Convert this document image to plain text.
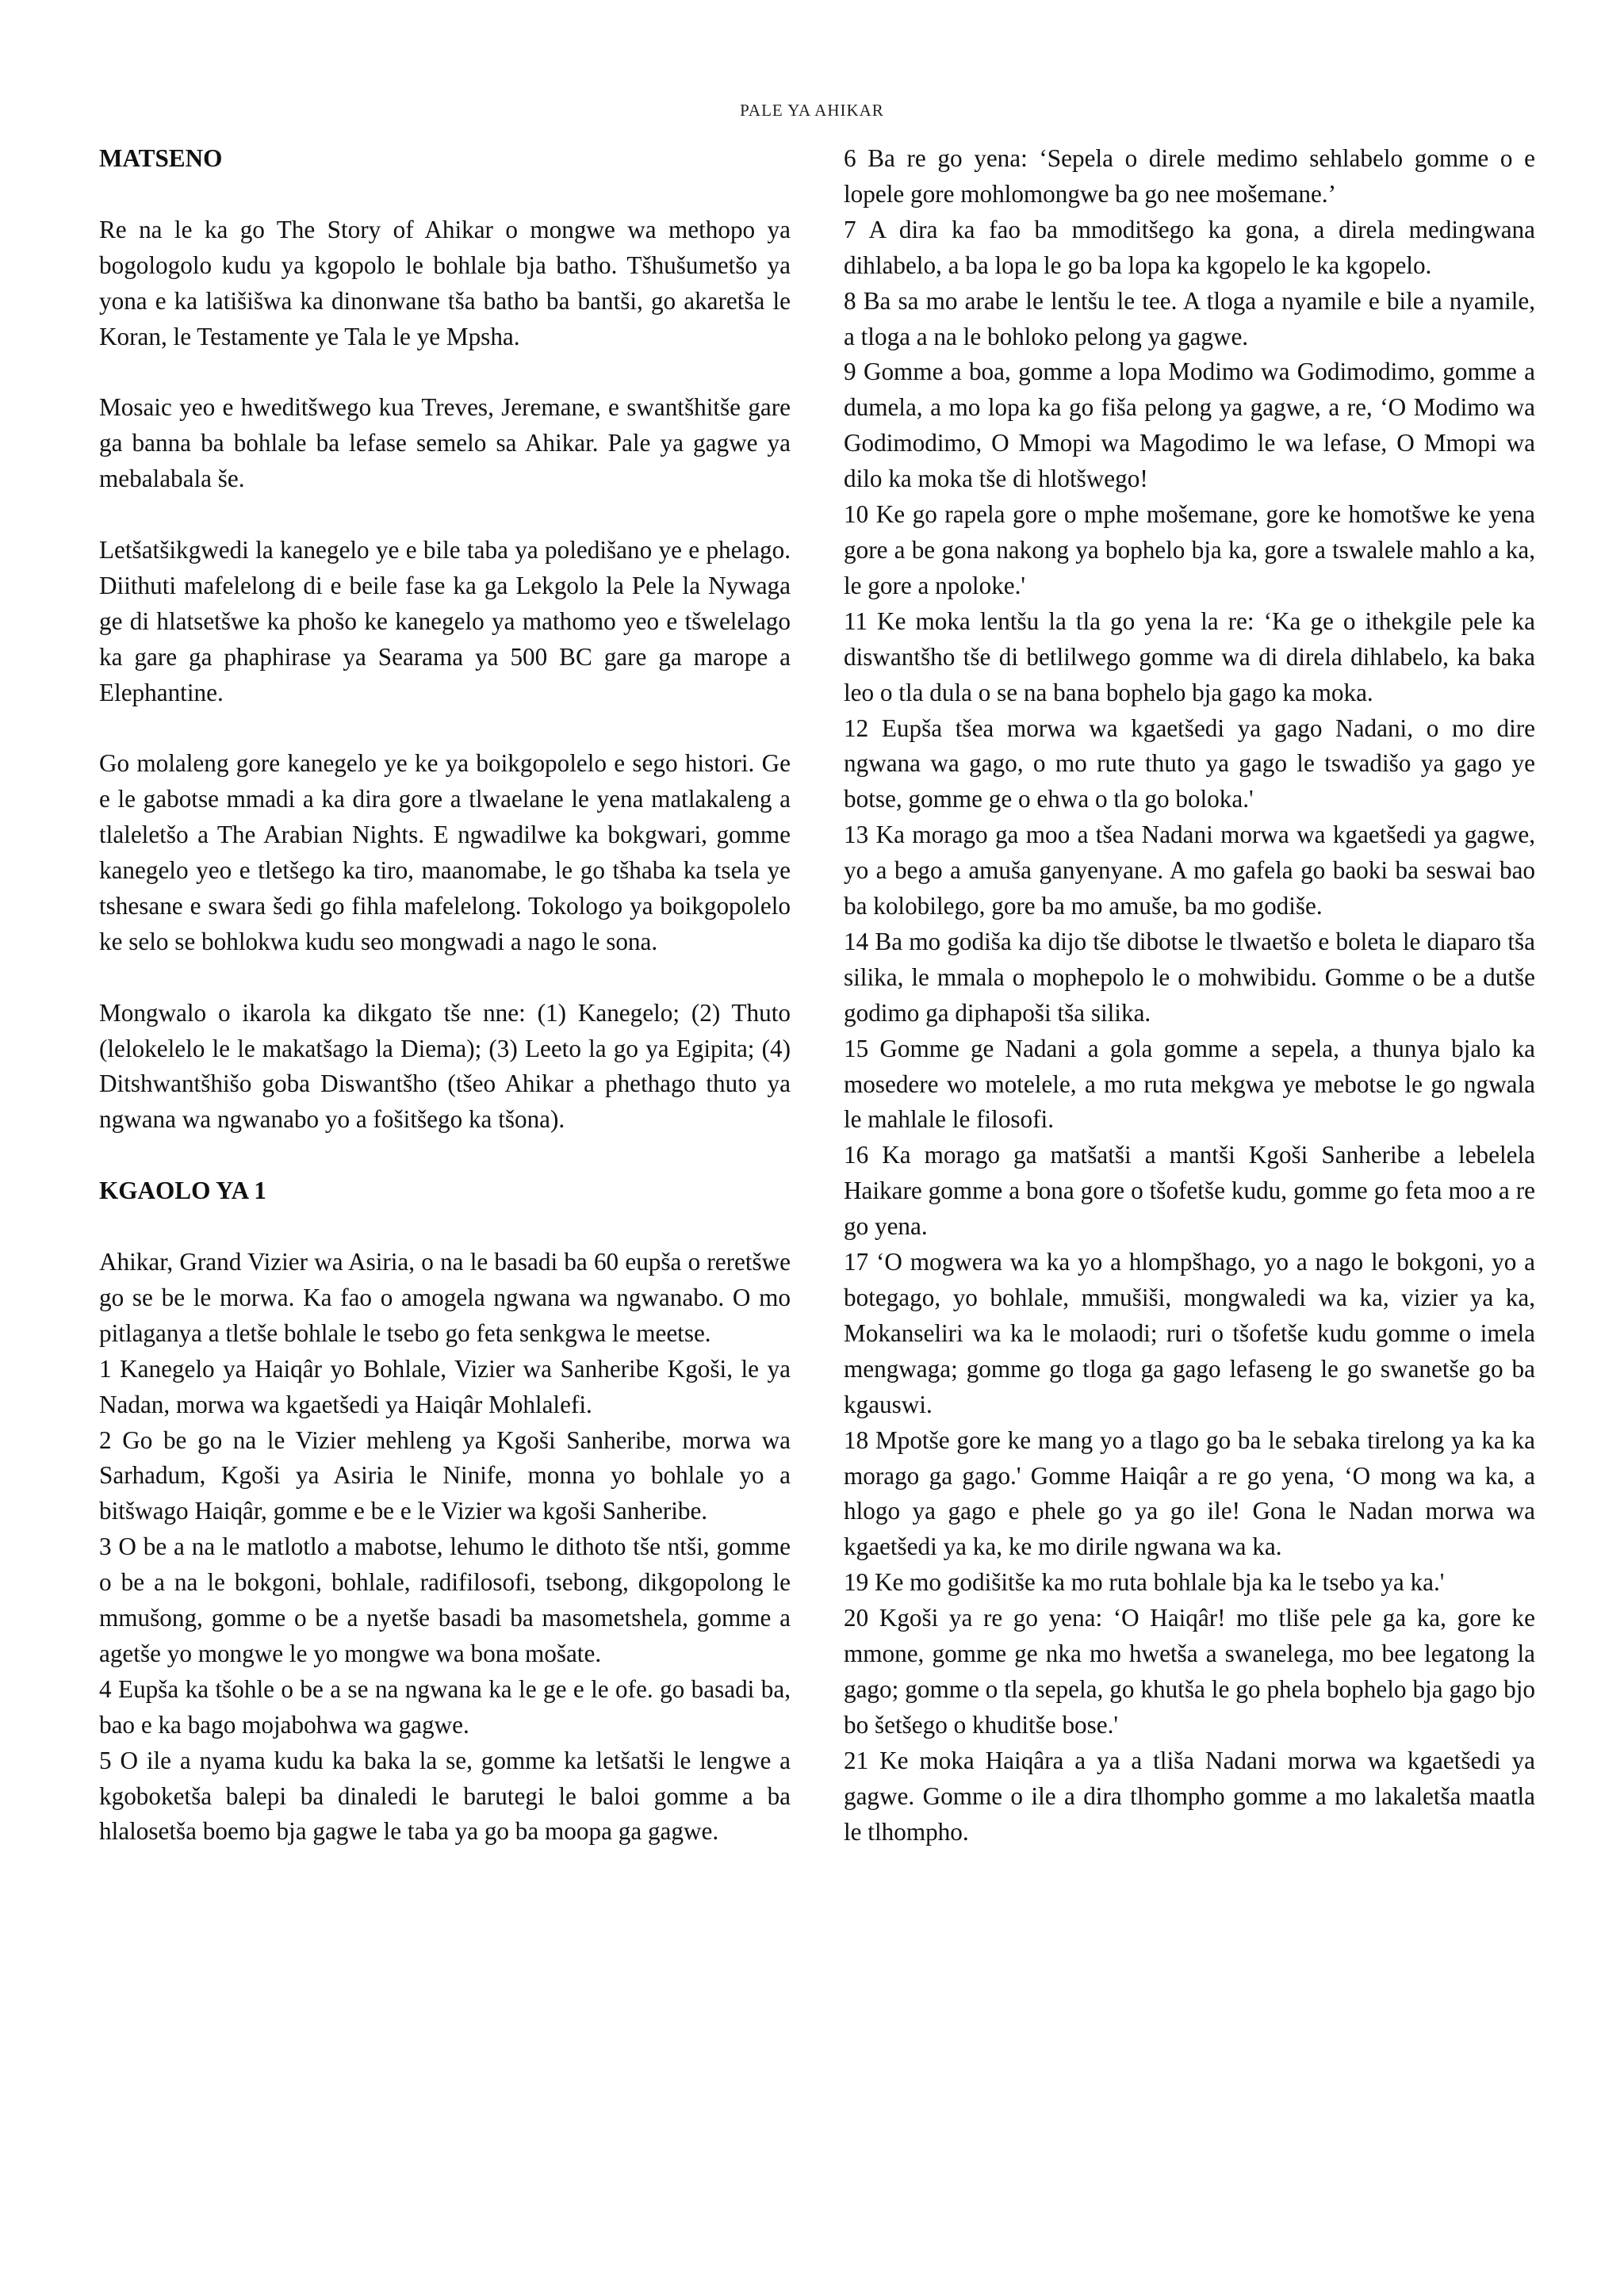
PALE YA AHIKAR
MATSENO

Re na le ka go The Story of Ahikar o mongwe wa methopo ya bogologolo kudu ya kgopolo le bohlale bja batho. Tšhušumetšo ya yona e ka latišišwa ka dinonwane tša batho ba bantši, go akaretša le Koran, le Testamente ye Tala le ye Mpsha.

Mosaic yeo e hweditšwego kua Treves, Jeremane, e swantšhitše gare ga banna ba bohlale ba lefase semelo sa Ahikar. Pale ya gagwe ya mebalabala še.

Letšatšikgwedi la kanegelo ye e bile taba ya poledišano ye e phelago. Diithuti mafelelong di e beile fase ka ga Lekgolo la Pele la Nywaga ge di hlatsetšwe ka phošo ke kanegelo ya mathomo yeo e tšwelelago ka gare ga phaphirase ya Searama ya 500 BC gare ga marope a Elephantine.

Go molaleng gore kanegelo ye ke ya boikgopolelo e sego histori. Ge e le gabotse mmadi a ka dira gore a tlwaelane le yena matlakaleng a tlaleletšo a The Arabian Nights. E ngwadilwe ka bokgwari, gomme kanegelo yeo e tletšego ka tiro, maanomabe, le go tšhaba ka tsela ye tshesane e swara šedi go fihla mafelelong. Tokologo ya boikgopolelo ke selo se bohlokwa kudu seo mongwadi a nago le sona.

Mongwalo o ikarola ka dikgato tše nne: (1) Kanegelo; (2) Thuto (lelokelelo le le makatšago la Diema); (3) Leeto la go ya Egipita; (4) Ditshwantšhišo goba Diswantšho (tšeo Ahikar a phethago thuto ya ngwana wa ngwanabo yo a fošitšego ka tšona).

KGAOLO YA 1

Ahikar, Grand Vizier wa Asiria, o na le basadi ba 60 eupša o reretšwe go se be le morwa. Ka fao o amogela ngwana wa ngwanabo. O mo pitlaganya a tletše bohlale le tsebo go feta senkgwa le meetse.

1 Kanegelo ya Haiqâr yo Bohlale, Vizier wa Sanheribe Kgoši, le ya Nadan, morwa wa kgaetšedi ya Haiqâr Mohlalefi.

2 Go be go na le Vizier mehleng ya Kgoši Sanheribe, morwa wa Sarhadum, Kgoši ya Asiria le Ninife, monna yo bohlale yo a bitšwago Haiqâr, gomme e be e le Vizier wa kgoši Sanheribe.

3 O be a na le matlotlo a mabotse, lehumo le dithoto tše ntši, gomme o be a na le bokgoni, bohlale, radifilosofi, tsebong, dikgopolong le mmušong, gomme o be a nyetše basadi ba masometshela, gomme a agetše yo mongwe le yo mongwe wa bona mošate.

4 Eupša ka tšohle o be a se na ngwana ka le ge e le ofe. go basadi ba, bao e ka bago mojabohwa wa gagwe.

5 O ile a nyama kudu ka baka la se, gomme ka letšatši le lengwe a kgoboketša balepi ba dinaledi le barutegi le baloi gomme a ba hlalosetša boemo bja gagwe le taba ya go ba moopa ga gagwe.

6 Ba re go yena: ‘Sepela o direle medimo sehlabelo gomme o e lopele gore mohlomongwe ba go nee mošemane.’

7 A dira ka fao ba mmoditšego ka gona, a direla medingwana dihlabelo, a ba lopa le go ba lopa ka kgopelo le ka kgopelo.

8 Ba sa mo arabe le lentšu le tee. A tloga a nyamile e bile a nyamile, a tloga a na le bohloko pelong ya gagwe.

9 Gomme a boa, gomme a lopa Modimo wa Godimodimo, gomme a dumela, a mo lopa ka go fiša pelong ya gagwe, a re, ‘O Modimo wa Godimodimo, O Mmopi wa Magodimo le wa lefase, O Mmopi wa dilo ka moka tše di hlotšwego!

10 Ke go rapela gore o mphe mošemane, gore ke homotšwe ke yena gore a be gona nakong ya bophelo bja ka, gore a tswalele mahlo a ka, le gore a npoloke.'

11 Ke moka lentšu la tla go yena la re: ‘Ka ge o ithekgile pele ka diswantšho tše di betlilwego gomme wa di direla dihlabelo, ka baka leo o tla dula o se na bana bophelo bja gago ka moka.

12 Eupša tšea morwa wa kgaetšedi ya gago Nadani, o mo dire ngwana wa gago, o mo rute thuto ya gago le tswadišo ya gago ye botse, gomme ge o ehwa o tla go boloka.'

13 Ka morago ga moo a tšea Nadani morwa wa kgaetšedi ya gagwe, yo a bego a amuša ganyenyane. A mo gafela go baoki ba seswai bao ba kolobilego, gore ba mo amuše, ba mo godiše.

14 Ba mo godiša ka dijo tše dibotse le tlwaetšo e boleta le diaparo tša silika, le mmala o mophepolo le o mohwibidu. Gomme o be a dutše godimo ga diphapoši tša silika.

15 Gomme ge Nadani a gola gomme a sepela, a thunya bjalo ka mosedere wo motelele, a mo ruta mekgwa ye mebotse le go ngwala le mahlale le filosofi.

16 Ka morago ga matšatši a mantši Kgoši Sanheribe a lebelela Haikare gomme a bona gore o tšofetše kudu, gomme go feta moo a re go yena.

17 ‘O mogwera wa ka yo a hlompšhago, yo a nago le bokgoni, yo a botegago, yo bohlale, mmušiši, mongwaledi wa ka, vizier ya ka, Mokanseliri wa ka le molaodi; ruri o tšofetše kudu gomme o imela mengwaga; gomme go tloga ga gago lefaseng le go swanetše go ba kgauswi.

18 Mpotše gore ke mang yo a tlago go ba le sebaka tirelong ya ka ka morago ga gago.' Gomme Haiqâr a re go yena, ‘O mong wa ka, a hlogo ya gago e phele go ya go ile! Gona le Nadan morwa wa kgaetšedi ya ka, ke mo dirile ngwana wa ka.

19 Ke mo godišitše ka mo ruta bohlale bja ka le tsebo ya ka.'

20 Kgoši ya re go yena: ‘O Haiqâr! mo tliše pele ga ka, gore ke mmone, gomme ge nka mo hwetša a swanelega, mo bee legatong la gago; gomme o tla sepela, go khutša le go phela bophelo bja gago bjo bo šetšego o khuditše bose.'

21 Ke moka Haiqâra a ya a tliša Nadani morwa wa kgaetšedi ya gagwe. Gomme o ile a dira tlhompho gomme a mo lakaletša maatla le tlhompho.
